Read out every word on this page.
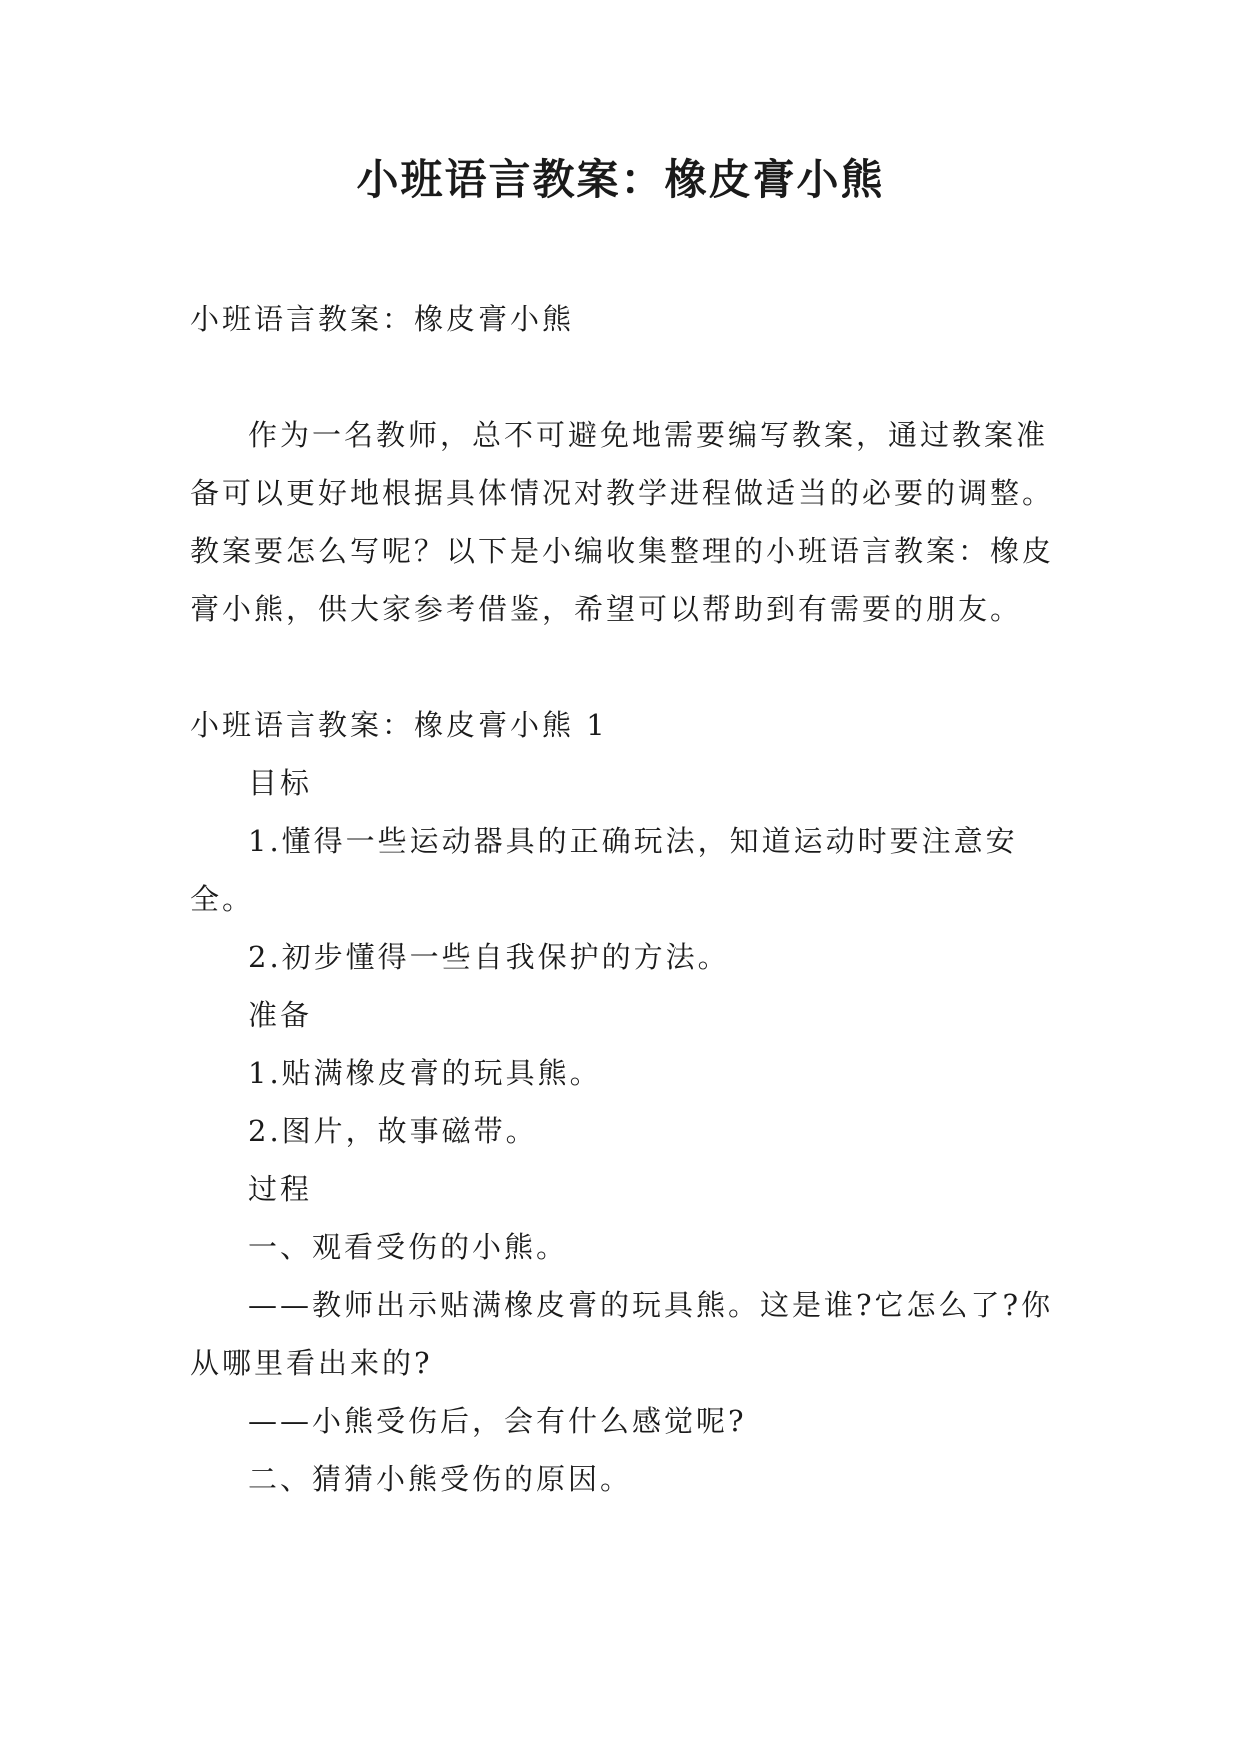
小班语言教案：橡皮膏小熊

小班语言教案：橡皮膏小熊

作为一名教师，总不可避免地需要编写教案，通过教案准备可以更好地根据具体情况对教学进程做适当的必要的调整。教案要怎么写呢？以下是小编收集整理的小班语言教案：橡皮膏小熊，供大家参考借鉴，希望可以帮助到有需要的朋友。

小班语言教案：橡皮膏小熊 1

目标

1.懂得一些运动器具的正确玩法，知道运动时要注意安全。

2.初步懂得一些自我保护的方法。

准备

1.贴满橡皮膏的玩具熊。

2.图片，故事磁带。

过程

一、观看受伤的小熊。

——教师出示贴满橡皮膏的玩具熊。这是谁?它怎么了?你从哪里看出来的?

——小熊受伤后，会有什么感觉呢?

二、猜猜小熊受伤的原因。
